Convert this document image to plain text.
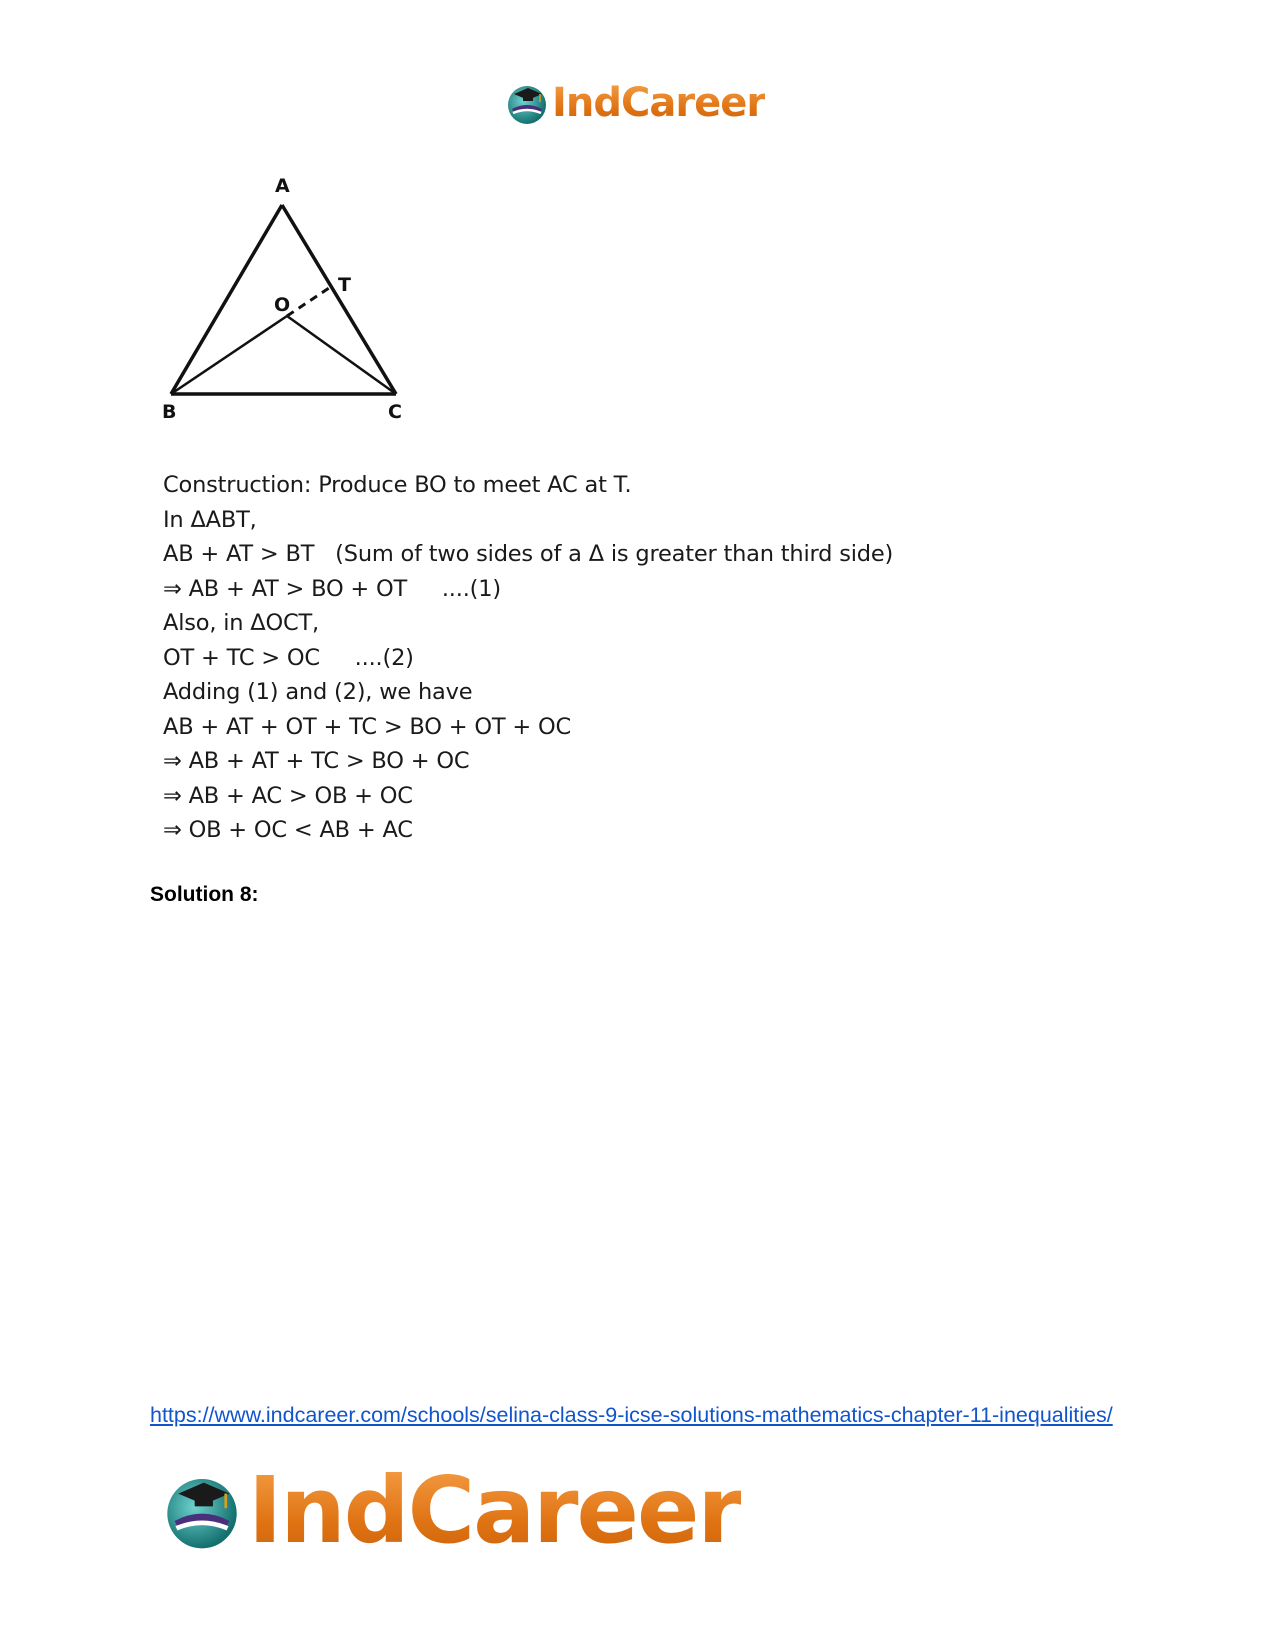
IndCareer
A
B	C
O
T
Construction: Produce BO to meet AC at T.
In ΔABT,
AB + AT > BT   (Sum of two sides of a Δ is greater than third side)
⇒ AB + AT > BO + OT     ....(1)
Also, in ΔOCT,
OT + TC > OC     ....(2)
Adding (1) and (2), we have
AB + AT + OT + TC > BO + OT + OC
⇒ AB + AT + TC > BO + OC
⇒ AB + AC > OB + OC
⇒ OB + OC < AB + AC
Solution 8:
https://www.indcareer.com/schools/selina-class-9-icse-solutions-mathematics-chapter-11-inequalities/
IndCareer
